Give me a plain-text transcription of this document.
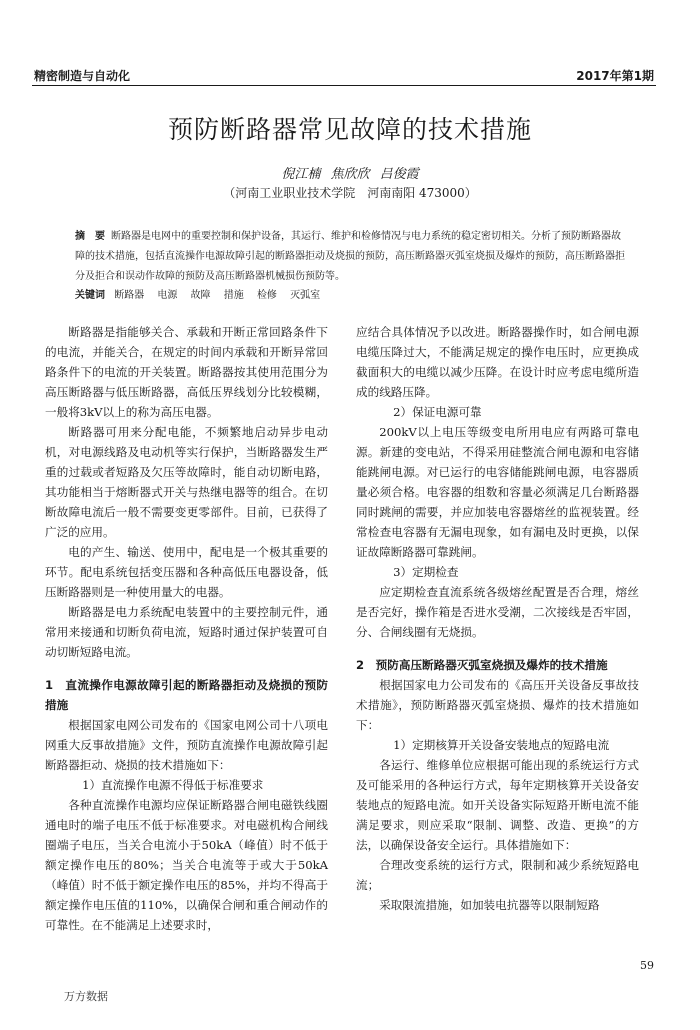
精密制造与自动化	2017年第1期
预防断路器常见故障的技术措施
倪江楠 焦欣欣 吕俊霞
（河南工业职业技术学院　河南南阳 473000）
摘　要 断路器是电网中的重要控制和保护设备，其运行、维护和检修情况与电力系统的稳定密切相关。分析了预防断路器故障的技术措施，包括直流操作电源故障引起的断路器拒动及烧损的预防，高压断路器灭弧室烧损及爆炸的预防，高压断路器拒分及拒合和误动作故障的预防及高压断路器机械损伤预防等。
关键词 断路器 电源 故障 措施 检修 灭弧室

断路器是指能够关合、承载和开断正常回路条件下的电流，并能关合，在规定的时间内承载和开断异常回路条件下的电流的开关装置。断路器按其使用范围分为高压断路器与低压断路器，高低压界线划分比较模糊，一般将3kV以上的称为高压电器。

断路器可用来分配电能，不频繁地启动异步电动机，对电源线路及电动机等实行保护，当断路器发生严重的过载或者短路及欠压等故障时，能自动切断电路，其功能相当于熔断器式开关与热继电器等的组合。在切断故障电流后一般不需要变更零部件。目前，已获得了广泛的应用。

电的产生、输送、使用中，配电是一个极其重要的环节。配电系统包括变压器和各种高低压电器设备，低压断路器则是一种使用量大的电器。

断路器是电力系统配电装置中的主要控制元件，通常用来接通和切断负荷电流，短路时通过保护装置可自动切断短路电流。

1　直流操作电源故障引起的断路器拒动及烧损的预防措施

根据国家电网公司发布的《国家电网公司十八项电网重大反事故措施》文件，预防直流操作电源故障引起断路器拒动、烧损的技术措施如下：

1）直流操作电源不得低于标准要求

各种直流操作电源均应保证断路器合闸电磁铁线圈通电时的端子电压不低于标准要求。对电磁机构合闸线圈端子电压，当关合电流小于50kA（峰值）时不低于额定操作电压的80%；当关合电流等于或大于50kA（峰值）时不低于额定操作电压的85%，并均不得高于额定操作电压值的110%，以确保合闸和重合闸动作的可靠性。在不能满足上述要求时，

应结合具体情况予以改进。断路器操作时，如合闸电源电缆压降过大，不能满足规定的操作电压时，应更换成截面积大的电缆以减少压降。在设计时应考虑电缆所造成的线路压降。

2）保证电源可靠

200kV以上电压等级变电所用电应有两路可靠电源。新建的变电站，不得采用硅整流合闸电源和电容储能跳闸电源。对已运行的电容储能跳闸电源，电容器质量必须合格。电容器的组数和容量必须满足几台断路器同时跳闸的需要，并应加装电容器熔丝的监视装置。经常检查电容器有无漏电现象，如有漏电及时更换，以保证故障断路器可靠跳闸。

3）定期检查

应定期检查直流系统各级熔丝配置是否合理，熔丝是否完好，操作箱是否进水受潮，二次接线是否牢固，分、合闸线圈有无烧损。

2　预防高压断路器灭弧室烧损及爆炸的技术措施

根据国家电力公司发布的《高压开关设备反事故技术措施》，预防断路器灭弧室烧损、爆炸的技术措施如下：

1）定期核算开关设备安装地点的短路电流

各运行、维修单位应根据可能出现的系统运行方式及可能采用的各种运行方式，每年定期核算开关设备安装地点的短路电流。如开关设备实际短路开断电流不能满足要求，则应采取“限制、调整、改造、更换”的方法，以确保设备安全运行。具体措施如下：

合理改变系统的运行方式，限制和减少系统短路电流；

采取限流措施，如加装电抗器等以限制短路

59
万方数据
